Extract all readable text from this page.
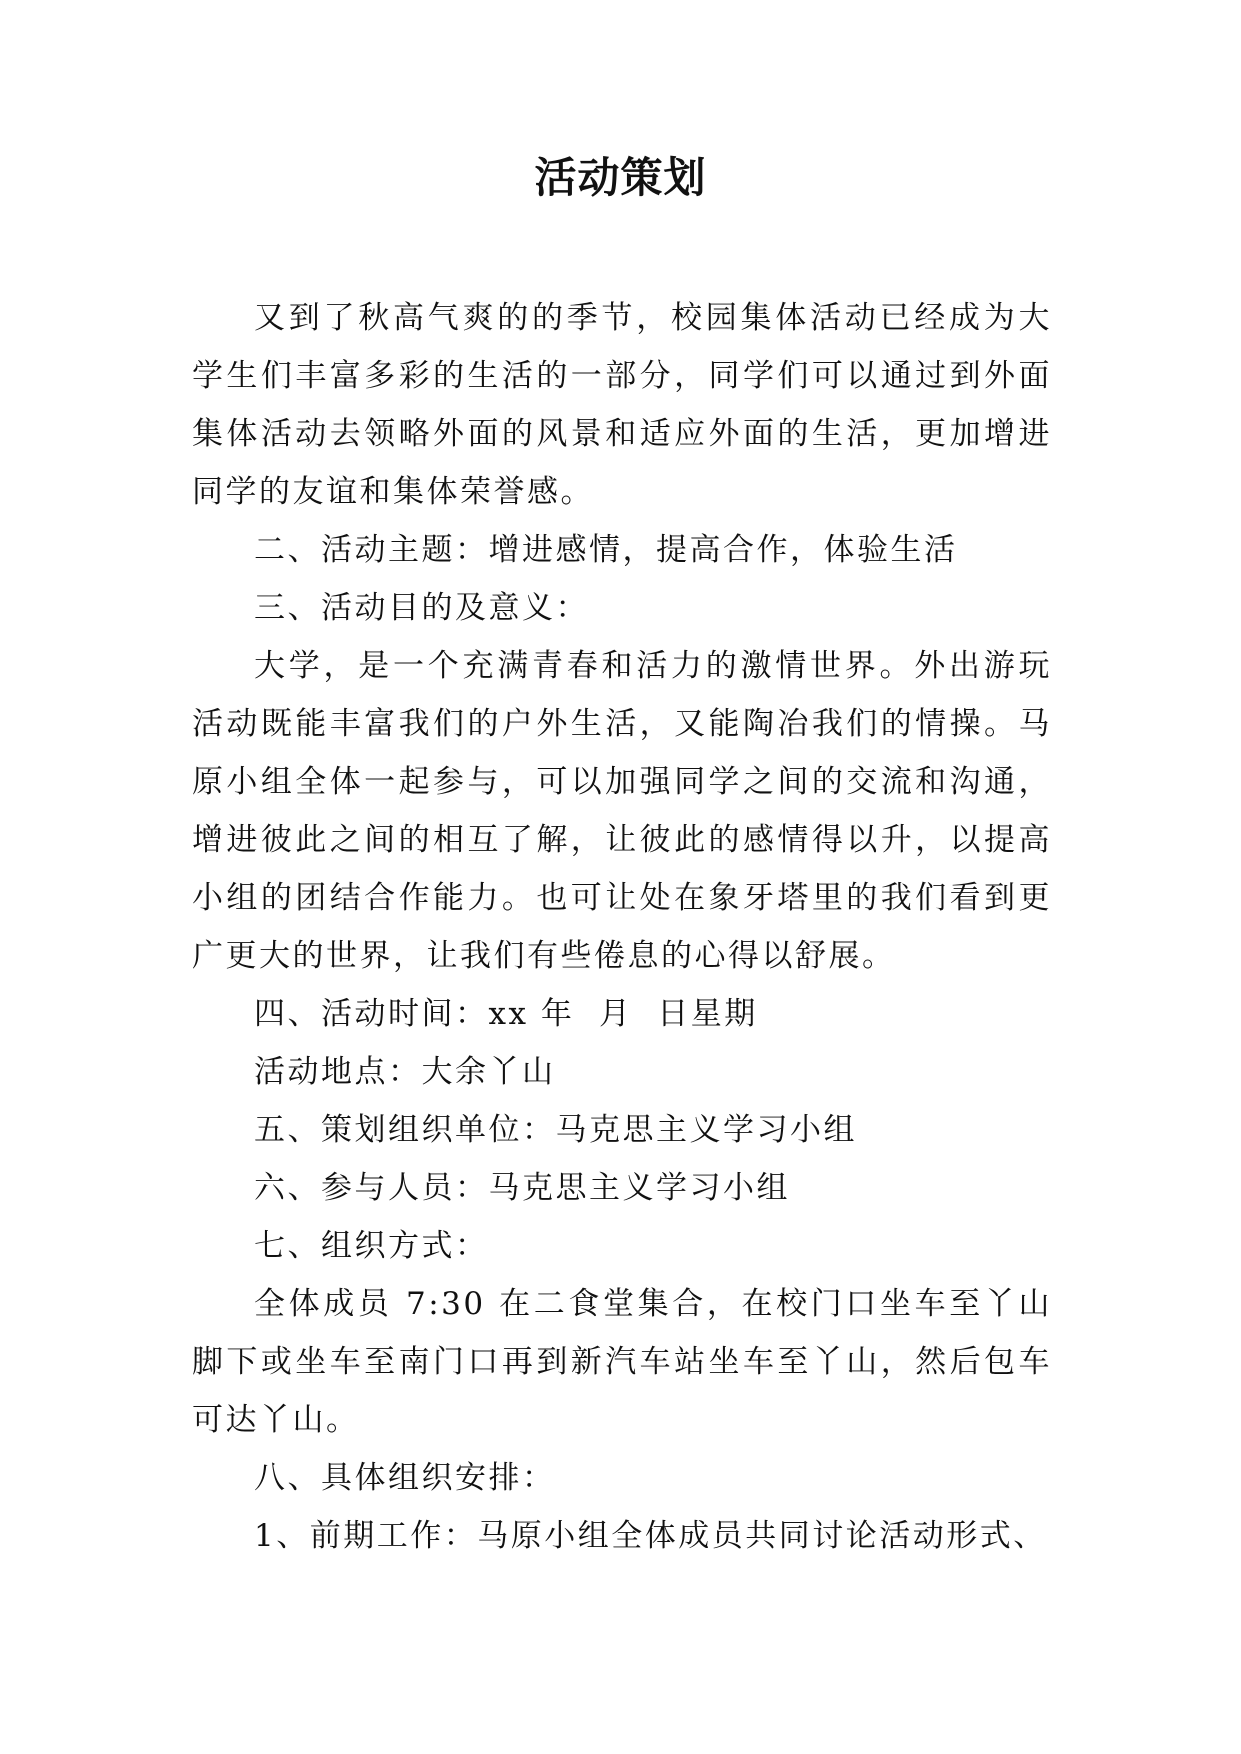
活动策划

又到了秋高气爽的的季节，校园集体活动已经成为大学生们丰富多彩的生活的一部分，同学们可以通过到外面集体活动去领略外面的风景和适应外面的生活，更加增进同学的友谊和集体荣誉感。

二、活动主题：增进感情，提高合作，体验生活

三、活动目的及意义：

大学，是一个充满青春和活力的激情世界。外出游玩活动既能丰富我们的户外生活，又能陶冶我们的情操。马原小组全体一起参与，可以加强同学之间的交流和沟通，增进彼此之间的相互了解，让彼此的感情得以升，以提高小组的团结合作能力。也可让处在象牙塔里的我们看到更广更大的世界，让我们有些倦息的心得以舒展。

四、活动时间：xx 年  月  日星期

活动地点：大余丫山

五、策划组织单位：马克思主义学习小组

六、参与人员：马克思主义学习小组

七、组织方式：

全体成员 7:30 在二食堂集合，在校门口坐车至丫山脚下或坐车至南门口再到新汽车站坐车至丫山，然后包车可达丫山。

八、具体组织安排：

1、前期工作：马原小组全体成员共同讨论活动形式、
